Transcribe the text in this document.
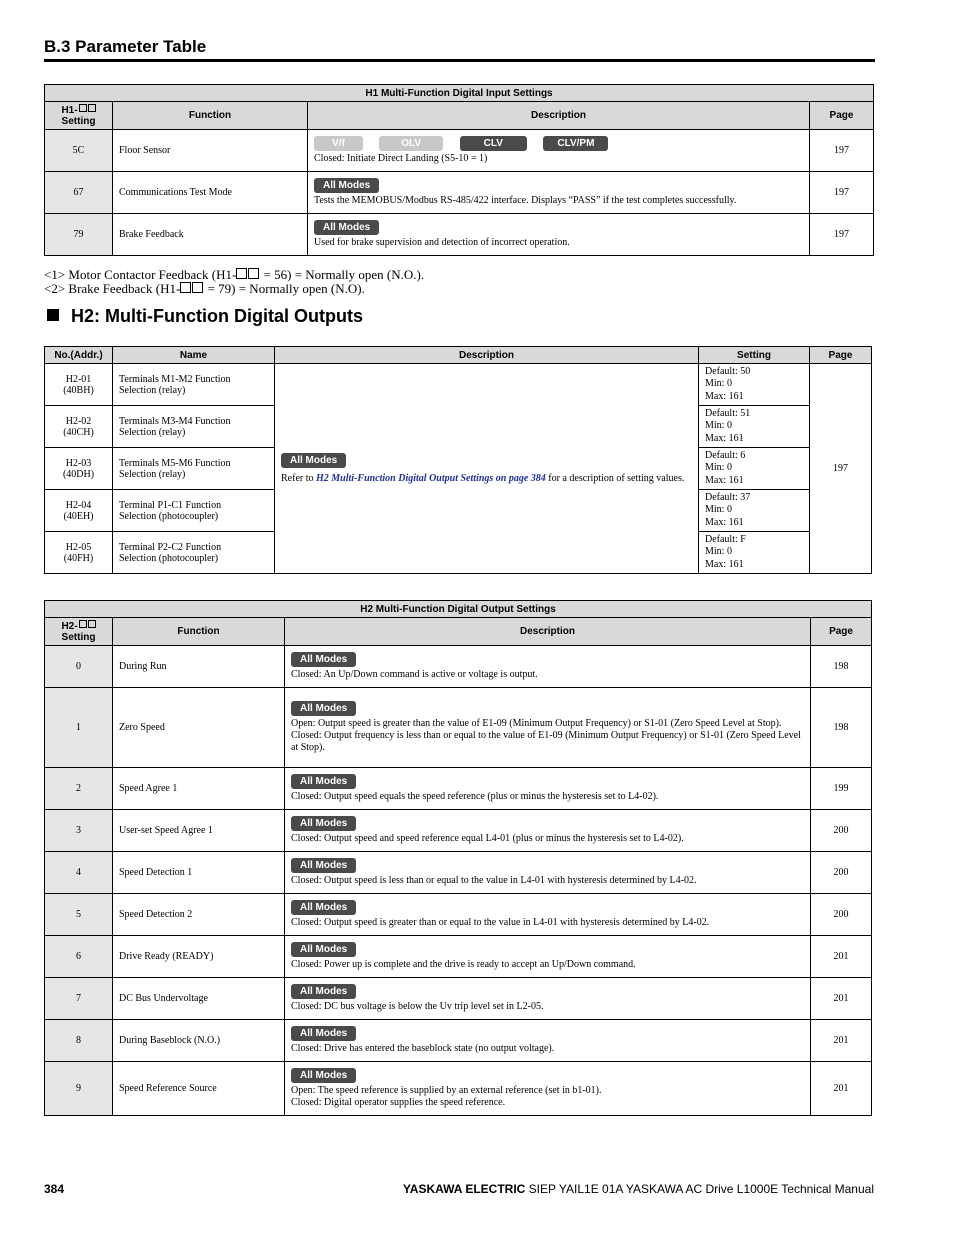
B.3 Parameter Table
H1 Multi-Function Digital Input Settings			
H1-
Setting	Function	Description	Page
5C	Floor Sensor	V/f OLV CLV CLV/PM
Closed: Initiate Direct Landing (S5-10 = 1)	197
67	Communications Test Mode	All Modes
Tests the MEMOBUS/Modbus RS-485/422 interface. Displays “PASS” if the test completes successfully.	197
79	Brake Feedback	All Modes
Used for brake supervision and detection of incorrect operation.	197
<1> Motor Contactor Feedback (H1- = 56) = Normally open (N.O.).
<2> Brake Feedback (H1- = 79) = Normally open (N.O).
H2: Multi-Function Digital Outputs
No.(Addr.)	Name	Description	Setting	Page
H2-01
(40BH)	Terminals M1-M2 Function
Selection (relay)	All Modes
Refer to H2 Multi-Function Digital Output Settings on page 384 for a description of setting values.	Default: 50
Min: 0
Max: 161	197
H2-02
(40CH)	Terminals M3-M4 Function
Selection (relay)		Default: 51
Min: 0
Max: 161	
H2-03
(40DH)	Terminals M5-M6 Function
Selection (relay)		Default: 6
Min: 0
Max: 161	
H2-04
(40EH)	Terminal P1-C1 Function
Selection (photocoupler)		Default: 37
Min: 0
Max: 161	
H2-05
(40FH)	Terminal P2-C2 Function
Selection (photocoupler)		Default: F
Min: 0
Max: 161	
H2 Multi-Function Digital Output Settings			
H2-
Setting	Function	Description	Page
0	During Run	All Modes
Closed: An Up/Down command is active or voltage is output.	198
1	Zero Speed	All Modes
Open: Output speed is greater than the value of E1-09 (Minimum Output Frequency) or S1-01 (Zero Speed Level at Stop).
Closed: Output frequency is less than or equal to the value of E1-09 (Minimum Output Frequency) or S1-01 (Zero Speed Level at Stop).	198
2	Speed Agree 1	All Modes
Closed: Output speed equals the speed reference (plus or minus the hysteresis set to L4-02).	199
3	User-set Speed Agree 1	All Modes
Closed: Output speed and speed reference equal L4-01 (plus or minus the hysteresis set to L4-02).	200
4	Speed Detection 1	All Modes
Closed: Output speed is less than or equal to the value in L4-01 with hysteresis determined by L4-02.	200
5	Speed Detection 2	All Modes
Closed: Output speed is greater than or equal to the value in L4-01 with hysteresis determined by L4-02.	200
6	Drive Ready (READY)	All Modes
Closed: Power up is complete and the drive is ready to accept an Up/Down command.	201
7	DC Bus Undervoltage	All Modes
Closed: DC bus voltage is below the Uv trip level set in L2-05.	201
8	During Baseblock (N.O.)	All Modes
Closed: Drive has entered the baseblock state (no output voltage).	201
9	Speed Reference Source	All Modes
Open: The speed reference is supplied by an external reference (set in b1-01).
Closed: Digital operator supplies the speed reference.	201
384	YASKAWA ELECTRIC SIEP YAIL1E 01A YASKAWA AC Drive L1000E Technical Manual
